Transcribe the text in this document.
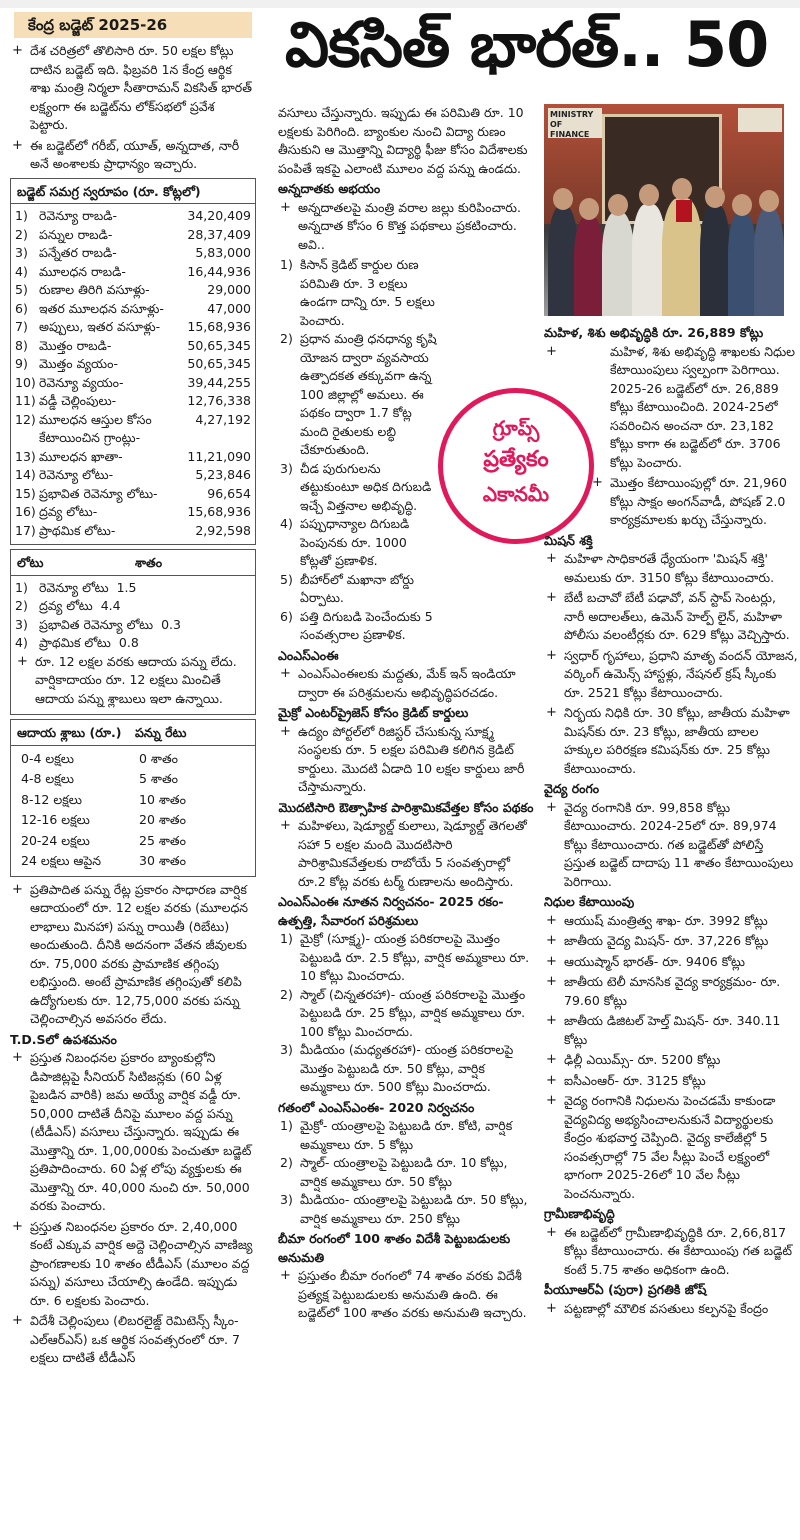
కేంద్ర బడ్జెట్ 2025-26	వికసిత్ భారత్.. 50
+ దేశ చరిత్రలో తొలిసారి రూ. 50 లక్షల కోట్లు దాటిన బడ్జెట్ ఇది. ఫిబ్రవరి 1న కేంద్ర ఆర్థిక శాఖ మంత్రి నిర్మలా సీతారామన్ వికసిత్ భారత్ లక్ష్యంగా ఈ బడ్జెట్‌ను లోక్‌సభలో ప్రవేశ పెట్టారు.
+ ఈ బడ్జెట్‌లో గరీబ్, యూత్, అన్నదాత, నారీ అనే అంశాలకు ప్రాధాన్యం ఇచ్చారు.
బడ్జెట్ సమగ్ర స్వరూపం (రూ. కోట్లలో)
1) రెవెన్యూ రాబడి-	34,20,409
2) పన్నుల రాబడి-	28,37,409
3) పన్నేతర రాబడి-	5,83,000
4) మూలధన రాబడి-	16,44,936
5) రుణాల తిరిగి వసూళ్లు-	29,000
6) ఇతర మూలధన వసూళ్లు-	47,000
7) అప్పులు, ఇతర వసూళ్లు-	15,68,936
8) మొత్తం రాబడి-	50,65,345
9) మొత్తం వ్యయం-	50,65,345
10) రెవెన్యూ వ్యయం-	39,44,255
11) వడ్డీ చెల్లింపులు-	12,76,338
12) మూలధన ఆస్తుల కోసం కేటాయించిన గ్రాంట్లు-
4,27,192
13) మూలధన ఖాతా-	11,21,090
14) రెవెన్యూ లోటు-	5,23,846
15) ప్రభావిత రెవెన్యూ లోటు-	96,654
16) ద్రవ్య లోటు-	15,68,936
17) ప్రాథమిక లోటు-	2,92,598
లోటు	శాతం
1) రెవెన్యూ లోటు 1.5
2) ద్రవ్య లోటు 4.4
3) ప్రభావిత రెవెన్యూ లోటు 0.3
4) ప్రాథమిక లోటు 0.8
+ రూ. 12 లక్షల వరకు ఆదాయ పన్ను లేదు. వార్షికాదాయం రూ. 12 లక్షలు మించితే ఆదాయ పన్ను శ్లాబులు ఇలా ఉన్నాయి.
ఆదాయ శ్లాబు (రూ.)	పన్ను రేటు
0-4 లక్షలు	0 శాతం
4-8 లక్షలు	5 శాతం
8-12 లక్షలు	10 శాతం
12-16 లక్షలు	20 శాతం
20-24 లక్షలు	25 శాతం
24 లక్షలు ఆపైన	30 శాతం
+ ప్రతిపాదిత పన్ను రేట్ల ప్రకారం సాధారణ వార్షిక ఆదాయంలో రూ. 12 లక్షల వరకు (మూలధన లాభాలు మినహా) పన్ను రాయితీ (రిబేటు) అందుతుంది. దీనికి అదనంగా వేతన జీవులకు రూ. 75,000 వరకు ప్రామాణిక తగ్గింపు లభిస్తుంది. అంటే ప్రామాణిక తగ్గింపుతో కలిపి ఉద్యోగులకు రూ. 12,75,000 వరకు పన్ను చెల్లించాల్సిన అవసరం లేదు.
T.D.Sలో ఉపశమనం
+ ప్రస్తుత నిబంధనల ప్రకారం బ్యాంకుల్లోని డిపాజిట్లపై సీనియర్ సిటిజన్లకు (60 ఏళ్ల పైబడిన వారికి) జమ అయ్యే వార్షిక వడ్డీ రూ. 50,000 దాటితే దీనిపై మూలం వద్ద పన్ను (టీడీఎస్) వసూలు చేస్తున్నారు. ఇప్పుడు ఈ మొత్తాన్ని రూ. 1,00,000కు పెంచుతూ బడ్జెట్ ప్రతిపాదించారు. 60 ఏళ్ల లోపు వ్యక్తులకు ఈ మొత్తాన్ని రూ. 40,000 నుంచి రూ. 50,000 వరకు పెంచారు.
+ ప్రస్తుత నిబంధనల ప్రకారం రూ. 2,40,000 కంటే ఎక్కువ వార్షిక అద్దె చెల్లించాల్సిన వాణిజ్య ప్రాంగణాలకు 10 శాతం టీడీఎస్ (మూలం వద్ద పన్ను) వసూలు చేయాల్సి ఉండేది. ఇప్పుడు రూ. 6 లక్షలకు పెంచారు.
+ విదేశీ చెల్లింపులు (లిబరలైజ్డ్ రెమిటెన్స్ స్కీం- ఎల్ఆర్ఎస్) ఒక ఆర్థిక సంవత్సరంలో రూ. 7 లక్షలు దాటితే టీడీఎస్
వసూలు చేస్తున్నారు. ఇప్పుడు ఈ పరిమితి రూ. 10 లక్షలకు పెరిగింది. బ్యాంకుల నుంచి విద్యా రుణం తీసుకుని ఆ మొత్తాన్ని విద్యార్థి ఫీజు కోసం విదేశాలకు పంపితే ఇకపై ఎలాంటి మూలం వద్ద పన్ను ఉండదు.
అన్నదాతకు అభయం
+ అన్నదాతలపై మంత్రి వరాల జల్లు కురిపించారు. అన్నదాత కోసం 6 కొత్త పథకాలు ప్రకటించారు. అవి..
1) కిసాన్ క్రెడిట్ కార్డుల రుణ పరిమితి రూ. 3 లక్షలు ఉండగా దాన్ని రూ. 5 లక్షలు పెంచారు.
2) ప్రధాన మంత్రి ధనధాన్య కృషి యోజన ద్వారా వ్యవసాయ ఉత్పాదకత తక్కువగా ఉన్న 100 జిల్లాల్లో అమలు. ఈ పథకం ద్వారా 1.7 కోట్ల మంది రైతులకు లబ్ధి చేకూరుతుంది.
3) చీడ పురుగులను తట్టుకుంటూ అధిక దిగుబడి ఇచ్చే విత్తనాల అభివృద్ధి.
4) పప్పుధాన్యాల దిగుబడి పెంపునకు రూ. 1000 కోట్లతో ప్రణాళిక.
5) బీహార్‌లో మఖానా బోర్డు ఏర్పాటు.
6) పత్తి దిగుబడి పెంచేందుకు 5 సంవత్సరాల ప్రణాళిక.
ఎంఎస్ఎంఈ
+ ఎంఎస్ఎంఈలకు మద్దతు, మేక్ ఇన్ ఇండియా ద్వారా ఈ పరిశ్రమలను అభివృద్ధిపరచడం.
మైక్రో ఎంటర్‌ప్రైజెస్ కోసం క్రెడిట్ కార్డులు
+ ఉద్యం పోర్టల్‌లో రిజిస్టర్ చేసుకున్న సూక్ష్మ సంస్థలకు రూ. 5 లక్షల పరిమితి కలిగిన క్రెడిట్ కార్డులు. మొదటి ఏడాది 10 లక్షల కార్డులు జారీ చేస్తామన్నారు.
మొదటిసారి ఔత్సాహిక పారిశ్రామికవేత్తల కోసం పథకం
+ మహిళలు, షెడ్యూల్డ్ కులాలు, షెడ్యూల్డ్ తెగలతో సహా 5 లక్షల మంది మొదటిసారి పారిశ్రామికవేత్తలకు రాబోయే 5 సంవత్సరాల్లో రూ.2 కోట్ల వరకు టర్మ్ రుణాలను అందిస్తారు.
ఎంఎస్ఎంఈ నూతన నిర్వచనం- 2025 రకం- ఉత్పత్తి, సేవారంగ పరిశ్రమలు
1) మైక్రో (సూక్ష్మ)- యంత్ర పరికరాలపై మొత్తం పెట్టుబడి రూ. 2.5 కోట్లు, వార్షిక అమ్మకాలు రూ. 10 కోట్లు మించరాదు.
2) స్మాల్ (చిన్నతరహా)- యంత్ర పరికరాలపై మొత్తం పెట్టుబడి రూ. 25 కోట్లు, వార్షిక అమ్మకాలు రూ. 100 కోట్లు మించరాదు.
3) మీడియం (మధ్యతరహా)- యంత్ర పరికరాలపై మొత్తం పెట్టుబడి రూ. 50 కోట్లు, వార్షిక అమ్మకాలు రూ. 500 కోట్లు మించరాదు.
గతంలో ఎంఎస్ఎంఈ- 2020 నిర్వచనం
1) మైక్రో- యంత్రాలపై పెట్టుబడి రూ. కోటి, వార్షిక అమ్మకాలు రూ. 5 కోట్లు
2) స్మాల్- యంత్రాలపై పెట్టుబడి రూ. 10 కోట్లు, వార్షిక అమ్మకాలు రూ. 50 కోట్లు
3) మీడియం- యంత్రాలపై పెట్టుబడి రూ. 50 కోట్లు, వార్షిక అమ్మకాలు రూ. 250 కోట్లు
బీమా రంగంలో 100 శాతం విదేశీ పెట్టుబడులకు అనుమతి
+ ప్రస్తుతం బీమా రంగంలో 74 శాతం వరకు విదేశీ ప్రత్యక్ష పెట్టుబడులకు అనుమతి ఉంది. ఈ బడ్జెట్‌లో 100 శాతం వరకు అనుమతి ఇచ్చారు.
MINISTRY OF FINANCE
గ్రూప్స్
ప్రత్యేకం
ఎకానమీ
మహిళ, శిశు అభివృద్ధికి రూ. 26,889 కోట్లు
+	మహిళ, శిశు అభివృద్ధి శాఖలకు నిధుల కేటాయింపులు స్వల్పంగా పెరిగాయి. 2025-26 బడ్జెట్‌లో రూ. 26,889 కోట్లు కేటాయించింది. 2024-25లో సవరించిన అంచనా రూ. 23,182 కోట్లు కాగా ఈ బడ్జెట్‌లో రూ. 3706 కోట్లు పెంచారు.
+ మొత్తం కేటాయింపుల్లో రూ. 21,960 కోట్లు సాక్షం అంగన్‌వాడీ, పోషణ్ 2.0 కార్యక్రమాలకు ఖర్చు చేస్తున్నారు.
మిషన్ శక్తి
+ మహిళా సాధికారతే ధ్యేయంగా 'మిషన్ శక్తి' అమలుకు రూ. 3150 కోట్లు కేటాయించారు.
+ బేటీ బచావో బేటీ పఢావో, వన్ స్టాప్ సెంటర్లు, నారీ అదాలత్‌లు, ఉమెన్ హెల్ప్ లైన్, మహిళా పోలీసు వలంటీర్లకు రూ. 629 కోట్లు వెచ్చిస్తారు.
+ స్వధార్ గృహాలు, ప్రధాని మాతృ వందన్ యోజన, వర్కింగ్ ఉమెన్స్ హాస్టళ్లు, నేషనల్ క్రష్ స్కీంకు రూ. 2521 కోట్లు కేటాయించారు.
+ నిర్భయ నిధికి రూ. 30 కోట్లు, జాతీయ మహిళా మిషన్‌కు రూ. 23 కోట్లు, జాతీయ బాలల హక్కుల పరిరక్షణ కమిషన్‌కు రూ. 25 కోట్లు కేటాయించారు.
వైద్య రంగం
+ వైద్య రంగానికి రూ. 99,858 కోట్లు కేటాయించారు. 2024-25లో రూ. 89,974 కోట్లు కేటాయించారు. గత బడ్జెట్‌తో పోలిస్తే ప్రస్తుత బడ్జెట్ దాదాపు 11 శాతం కేటాయింపులు పెరిగాయి.
నిధుల కేటాయింపు
+ ఆయుష్ మంత్రిత్వ శాఖ- రూ. 3992 కోట్లు
+ జాతీయ వైద్య మిషన్- రూ. 37,226 కోట్లు
+ ఆయుష్మాన్ భారత్- రూ. 9406 కోట్లు
+ జాతీయ టెలీ మానసిక వైద్య కార్యక్రమం- రూ. 79.60 కోట్లు
+ జాతీయ డిజిటల్ హెల్త్ మిషన్- రూ. 340.11 కోట్లు
+ ఢిల్లీ ఎయిమ్స్- రూ. 5200 కోట్లు
+ ఐసీఎంఆర్- రూ. 3125 కోట్లు
+ వైద్య రంగానికి నిధులను పెంచడమే కాకుండా వైద్యవిద్య అభ్యసించాలనుకునే విద్యార్థులకు కేంద్రం శుభవార్త చెప్పింది. వైద్య కాలేజీల్లో 5 సంవత్సరాల్లో 75 వేల సీట్లు పెంచే లక్ష్యంలో భాగంగా 2025-26లో 10 వేల సీట్లు పెంచనున్నారు.
గ్రామీణాభివృద్ధి
+ ఈ బడ్జెట్‌లో గ్రామీణాభివృద్ధికి రూ. 2,66,817 కోట్లు కేటాయించారు. ఈ కేటాయింపు గత బడ్జెట్ కంటే 5.75 శాతం అధికంగా ఉంది.
పీయూఆర్ఏ (పురా) ప్రగతికి జోష్
+ పట్టణాల్లో మౌలిక వసతులు కల్పనపై కేంద్రం
